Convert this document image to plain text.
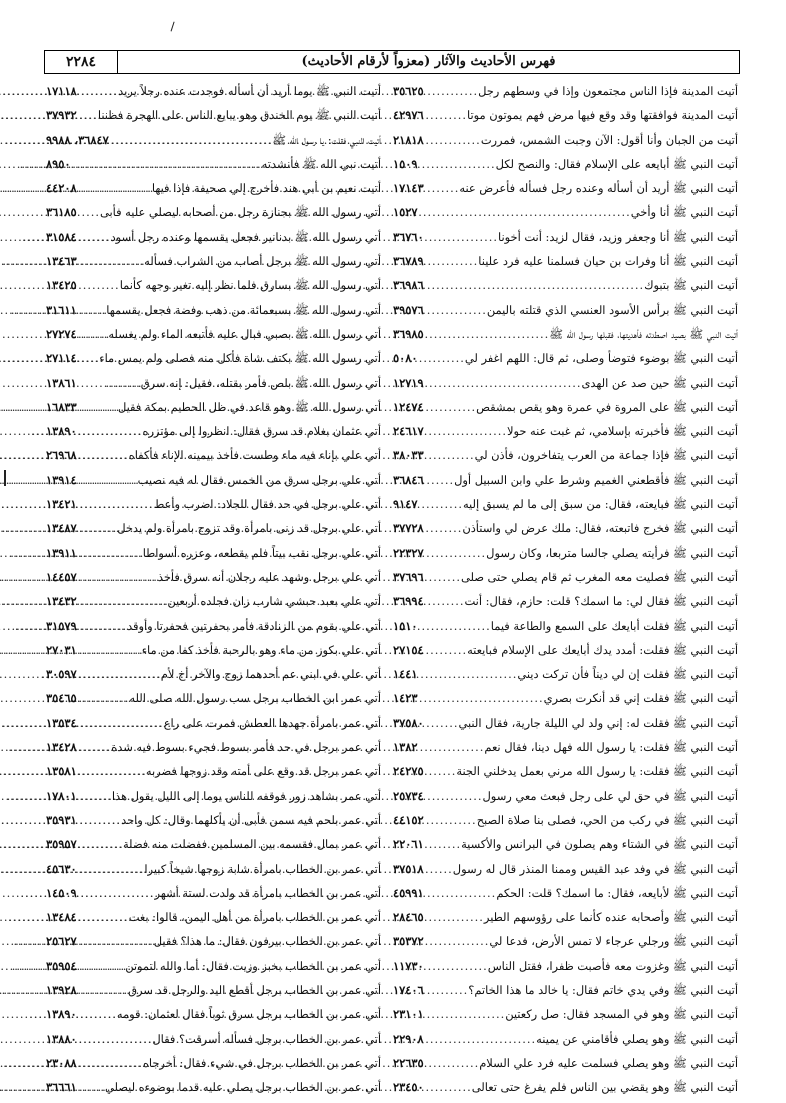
فهرس الأحاديث والآثار (معزواً لأرقام الأحاديث)
٢٢٨٤
أتيت المدينة فإذا الناس مجتمعون وإذا في وسطهم رجل
.....
٣٥٦٢٥
أتيت المدينة فوافقتها وقد وقع فيها مرض فهم يموتون موتا
.....
٤٢٩٧٦
أتيت من الجبان وأنا أقول: الآن وجبت الشمس، فمررت
.....
٢١٨١٨
أتيت النبي ﷺ أبايعه على الإسلام فقال: والنصح لكل
.....
١٥٠٩
أتيت النبي ﷺ أريد أن أسأله وعنده رجل فسأله فأعرض عنه
.....
١٧١٤٣
أتيت النبي ﷺ أنا وأخي
.....
١٥٢٧
أتيت النبي ﷺ أنا وجعفر وزيد، فقال لزيد: أنت أخونا
.....
٣٦٧٦٠
أتيت النبي ﷺ أنا وفرات بن حيان فسلمنا عليه فرد علينا
.....
٣٦٧٨٩
أتيت النبي ﷺ بتبوك
.....
٣٦٩٨٦
أتيت النبي ﷺ برأس الأسود العنسي الذي قتلته باليمن
.....
٣٩٥٧٦
أتيت النبي ﷺ بصيد اصطدته فأهديتها، فقبلها رسول الله ﷺ
.....
٣٦٩٨٥
أتيت النبي ﷺ بوضوء فتوضأ وصلى، ثم قال: اللهم اغفر لي
.....
٥٠٨٠
أتيت النبي ﷺ حين صد عن الهدى
.....
١٢٧١٩
أتيت النبي ﷺ على المروة في عمرة وهو يقص بمشقص
.....
١٢٤٧٤
أتيت النبي ﷺ فأخبرته بإسلامي، ثم غبت عنه حولا
.....
٢٤٦١٧
أتيت النبي ﷺ فإذا جماعة من العرب يتفاخرون، فأذن لي
.....
٣٨٠٣٣
أتيت النبي ﷺ فأقطعني الغميم وشرط علي وابن السبيل أول
.....
٣٦٨٤٦
أتيت النبي ﷺ فبايعته، فقال: من سبق إلى ما لم يسبق إليه
.....
٩١٤٧
أتيت النبي ﷺ فخرج فاتبعته، فقال: ملك عرض لي واستأذن
.....
٣٧٧٢٨
أتيت النبي ﷺ فرأيته يصلي جالسا متربعا، وكان رسول
.....
٢٢٣٢٧
أتيت النبي ﷺ فصليت معه المغرب ثم قام يصلي حتى صلى
.....
٣٧٦٩٦
أتيت النبي ﷺ فقال لي: ما اسمك؟ قلت: حازم، فقال: أنت
.....
٣٦٩٩٤
أتيت النبي ﷺ فقلت أبايعك على السمع والطاعة فيما
.....
١٥١٠
أتيت النبي ﷺ فقلت: أمدد يدك أبايعك على الإسلام فبايعته
.....
٢٧١٥٤
أتيت النبي ﷺ فقلت إن لي ديناً فأن تركت ديني
.....
١٤٤١
أتيت النبي ﷺ فقلت إني قد أنكرت بصري
.....
١٤٢٣
أتيت النبي ﷺ فقلت له: إني ولد لي الليلة جارية، فقال النبي
.....
٣٧٥٨٠
أتيت النبي ﷺ فقلت: يا رسول الله فهل دينا، فقال نعم
.....
١٣٨٢
أتيت النبي ﷺ فقلت: يا رسول الله مرني بعمل يدخلني الجنة
.....
٢٤٢٧٥
أتيت النبي ﷺ في حق لي على رجل فبعث معي رسول
.....
٢٥٧٣٤
أتيت النبي ﷺ في ركب من الحي، فصلى بنا صلاة الصبح
.....
٤٤١٥٢
أتيت النبي ﷺ في الشتاء وهم يصلون في البرانس والأكسية
.....
٢٢٠٦١
أتيت النبي ﷺ في وفد عبد القيس وممنا المنذر قال له رسول
.....
٣٧٥١٨
أتيت النبي ﷺ لأبايعه، فقال: ما اسمك؟ قلت: الحكم
.....
٤٥٩٩١
أتيت النبي ﷺ وأصحابه عنده كأنما على رؤوسهم الطير
.....
٢٨٤٦٥
أتيت النبي ﷺ ورجلي عرجاء لا تمس الأرض، فدعا لي
.....
٣٥٣٧٢
أتيت النبي ﷺ وغزوت معه فأصبت ظفرا، فقتل الناس
.....
١١٧٣٠
أتيت النبي ﷺ وفي يدي خاتم فقال: يا خالد ما هذا الخاتم؟
.....
١٧٤٠٦
أتيت النبي ﷺ وهو في المسجد فقال: صل ركعتين
.....
٢٣١٠١
أتيت النبي ﷺ وهو يصلي فأقامني عن يمينه
.....
٢٢٩٠٨
أتيت النبي ﷺ وهو يصلي فسلمت عليه فرد علي السلام
.....
٢٢٦٣٥
أتيت النبي ﷺ وهو يقضي بين الناس فلم يفرغ حتى تعالى
.....
٢٣٤٥٠
أتيت النبي ﷺ يوما أريد أن أسأله فوجدت عنده رجلاً يريد
.....
١٧١١٨
أتيت النبي ﷺ يوم الخندق وهو يبايع الناس على الهجرة فظننا
.....
٣٧٩٣٢
أتيت النبي فقلت: يا رسول الله ﷺ
.....
٣٦٨٤٧، ٩٩٨٨
أتيت نبي الله ﷺ فأنشدته
.....
٨٩٥٠
أتيت نعيم بن أبي هند فأخرج إلي صحيفة فإذا فيها
.....
٤٤٢٠٨
أتي رسول الله ﷺ بجنازة رجل من أصحابه ليصلي عليه فأبى
.....
٣٦١٨٥
أتي رسول الله ﷺ بدنانير فجعل يقسمها وعنده رجل أسود
.....
٣١٥٨٤
أتي رسول الله ﷺ برجل أصاب من الشراب فسأله
.....
١٣٤٦٣
أتي رسول الله ﷺ بسارق فلما نظر إليه تغير وجهه كأنما
.....
١٣٤٢٥
أتي رسول الله ﷺ بسبعمائة من ذهب وفضة فجعل يقسمها
.....
٣١٦١١
أتي رسول الله ﷺ بصبي فبال عليه فأتبعه الماء ولم يغسله
.....
٢٧٢٧٤
أتي رسول الله ﷺ بكتف شاة فأكل منه فصلى ولم يمس ماء
.....
٢٧١١٤
أتي رسول الله ﷺ بلص فأمر بقتله، فقيل: إنه سرق
.....
١٣٨٦١
أتي رسول الله ﷺ وهو قاعد في ظل الحطيم بمكة فقيل
.....
١٦٨٣٣
أتي عثمان بغلام قد سرق فقال: انظروا إلى مؤتزره
.....
١٣٨٩٠
أتي علي بإناء فيه ماء وطست فأخذ بيمينه الإناء فأكفاه
.....
٢٦٩٦٨
أتي علي برجل سرق من الخمس فقال له فيه نصيب
.....
١٣٩١٤
أتي علي برجل في حد فقال للجلاد: اضرب وأعط
.....
١٣٤٢١
أتي علي برجل قد زنى بامرأة وقد تزوج بامرأة ولم يدخل
.....
١٣٤٨٧
أتي علي برجل نقب بيتاً فلم يقطعه، وعزره أسواطا
.....
١٣٩١١
أتي علي برجل وشهد عليه رجلان أنه سرق فأخذ
.....
١٤٤٥٧
أتي علي بعبد حبشي شارب زان فجلده أربعين
.....
١٣٤٣٢
أتي علي بقوم من الزنادقة فأمر بحفرتين فحفرتا وأوقد
.....
٣١٥٧٩
أتي علي بكوز من ماء وهو بالرحبة فأخذ كفا من ماء
.....
٢٧٠٣١
أتي علي في ابني عم أحدهما زوج والآخر أخ لأم
.....
٣٠٥٩٧
أتي عمر ابن الخطاب برجل سب رسول الله صلى الله
.....
٣٥٤٦٥
أتي عمر بامرأة جهدها العطش فمرت على راع
.....
١٣٥٣٤
أتي عمر برجل في حد فأمر بسوط فجيء بسوط فيه شدة
.....
١٣٤٢٨
أتي عمر برجل قد وقع على أمته وقد زوجها فضربه
.....
١٣٥٨١
أتي عمر بشاهد زور فوقفه للناس يوما إلى الليل يقول هذا
.....
١٧٨٠١
أتي عمر بلحم فيه سمن فأبى أن يأكلهما وقال: كل واحد
.....
٣٥٩٣١
أتي عمر بمال فقسمه بين المسلمين ففضلت منه فضلة
.....
٣٥٩٥٧
أتي عمر بن الخطاب بامرأة شابة زوجها شيخاً كبيرا
.....
٤٥٦٣٠
أتي عمر بن الخطاب بامرأة قد ولدت لستة أشهر
.....
١٤٥٠٩
أتي عمر بن الخطاب بامرأة من أهل اليمن، قالوا: بغت
.....
١٣٤٨٤
أتي عمر بن الخطاب بيرفون فقال: ما هذا؟ فقيل
.....
٢٥٦٢٧
أتي عمر بن الخطاب بخبز وزيت فقال: أما والله لتموتن
.....
٣٥٩٥٤
أتي عمر بن الخطاب برجل أقطع اليد والرجل قد سرق
.....
١٣٩٢٨
أتي عمر بن الخطاب برجل سرق ثوباً فقال لعثمان: قومه
.....
١٣٨٩٠
أتي عمر بن الخطاب برجل فسأله أسرقت؟ فقال
.....
١٣٨٨٠
أتي عمر بن الخطاب برجل في شيء فقال: أخرجاه
.....
٢٣٠٨٨
أتي عمر بن الخطاب برجل يصلي عليه قدما بوضوءه ليصلي
.....
٣٦٦٦١
